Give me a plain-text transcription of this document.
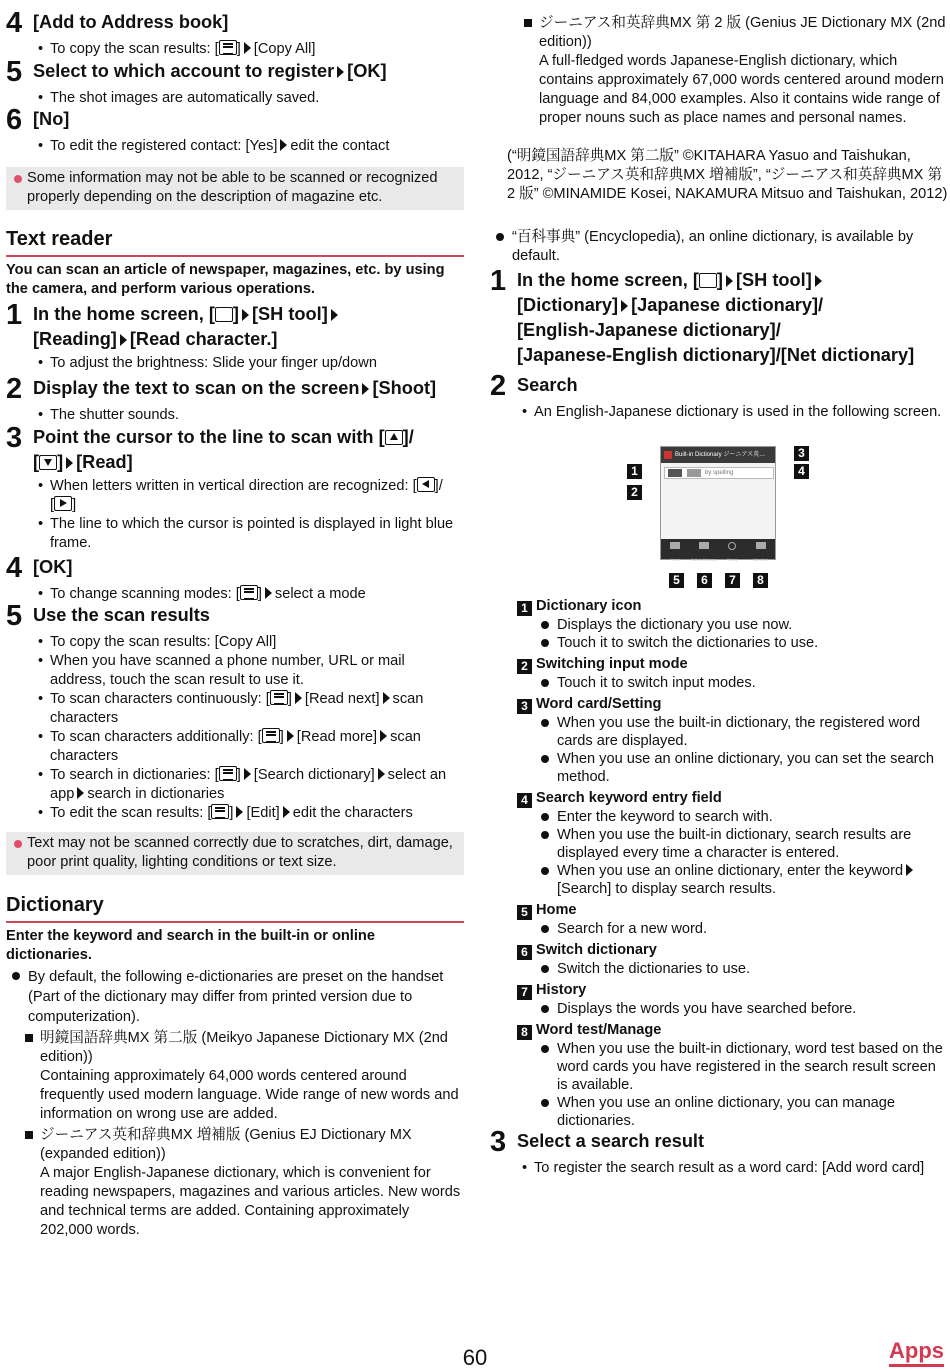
4 [Add to Address book]
• To copy the scan results: [ ] [Copy All]
5 Select to which account to register [OK]
• The shot images are automatically saved.
6 [No]
• To edit the registered contact: [Yes] edit the contact
Some information may not be able to be scanned or recognized properly depending on the description of magazine etc.
Text reader
You can scan an article of newspaper, magazines, etc. by using the camera, and perform various operations.
1 In the home screen, [ ] [SH tool]
[Reading] [Read character.]
• To adjust the brightness: Slide your finger up/down
2 Display the text to scan on the screen [Shoot]
• The shutter sounds.
3 Point the cursor to the line to scan with [ ]/
[ ] [Read]
• When letters written in vertical direction are recognized: [ ]/
[ ]
• The line to which the cursor is pointed is displayed in light blue frame.
4 [OK]
• To change scanning modes: [ ] select a mode
5 Use the scan results
• To copy the scan results: [Copy All]
• When you have scanned a phone number, URL or mail address, touch the scan result to use it.
• To scan characters continuously: [ ] [Read next] scan characters
• To scan characters additionally: [ ] [Read more] scan characters
• To search in dictionaries: [ ] [Search dictionary] select an app search in dictionaries
• To edit the scan results: [ ] [Edit] edit the characters
Text may not be scanned correctly due to scratches, dirt, damage, poor print quality, lighting conditions or text size.
Dictionary
Enter the keyword and search in the built-in or online dictionaries.
By default, the following e-dictionaries are preset on the handset (Part of the dictionary may differ from printed version due to computerization).
明鏡国語辞典MX 第二版 (Meikyo Japanese Dictionary MX (2nd edition))
Containing approximately 64,000 words centered around frequently used modern language. Wide range of new words and information on wrong use are added.
ジーニアス英和辞典MX 増補版 (Genius EJ Dictionary MX (expanded edition))
A major English-Japanese dictionary, which is convenient for reading newspapers, magazines and various articles. New words and technical terms are added. Containing approximately 202,000 words.
ジーニアス和英辞典MX 第 2 版 (Genius JE Dictionary MX (2nd edition))
A full-fledged words Japanese-English dictionary, which contains approximately 67,000 words centered around modern language and 84,000 examples. Also it contains wide range of proper nouns such as place names and personal names.
(“明鏡国語辞典MX 第二版” ©KITAHARA Yasuo and Taishukan, 2012, “ジーニアス英和辞典MX 増補版”, “ジーニアス和英辞典MX 第 2 版” ©MINAMIDE Kosei, NAKAMURA Mitsuo and Taishukan, 2012)
“百科事典” (Encyclopedia), an online dictionary, is available by default.
1 In the home screen, [ ] [SH tool]
[Dictionary] [Japanese dictionary]/
[English-Japanese dictionary]/
[Japanese-English dictionary]/[Net dictionary]
2 Search
• An English-Japanese dictionary is used in the following screen.
Built-in Dictionary ジーニアス英…
by spelling
Home	Switch dictionary	History	Word test
1
2
3
4
5	6	7	8
1 Dictionary icon
Displays the dictionary you use now.
Touch it to switch the dictionaries to use.
2 Switching input mode
Touch it to switch input modes.
3 Word card/Setting
When you use the built-in dictionary, the registered word cards are displayed.
When you use an online dictionary, you can set the search method.
4 Search keyword entry field
Enter the keyword to search with.
When you use the built-in dictionary, search results are displayed every time a character is entered.
When you use an online dictionary, enter the keyword[Search] to display search results.
5 Home
Search for a new word.
6 Switch dictionary
Switch the dictionaries to use.
7 History
Displays the words you have searched before.
8 Word test/Manage
When you use the built-in dictionary, word test based on the word cards you have registered in the search result screen is available.
When you use an online dictionary, you can manage dictionaries.
3 Select a search result
• To register the search result as a word card: [Add word card]
60	Apps
